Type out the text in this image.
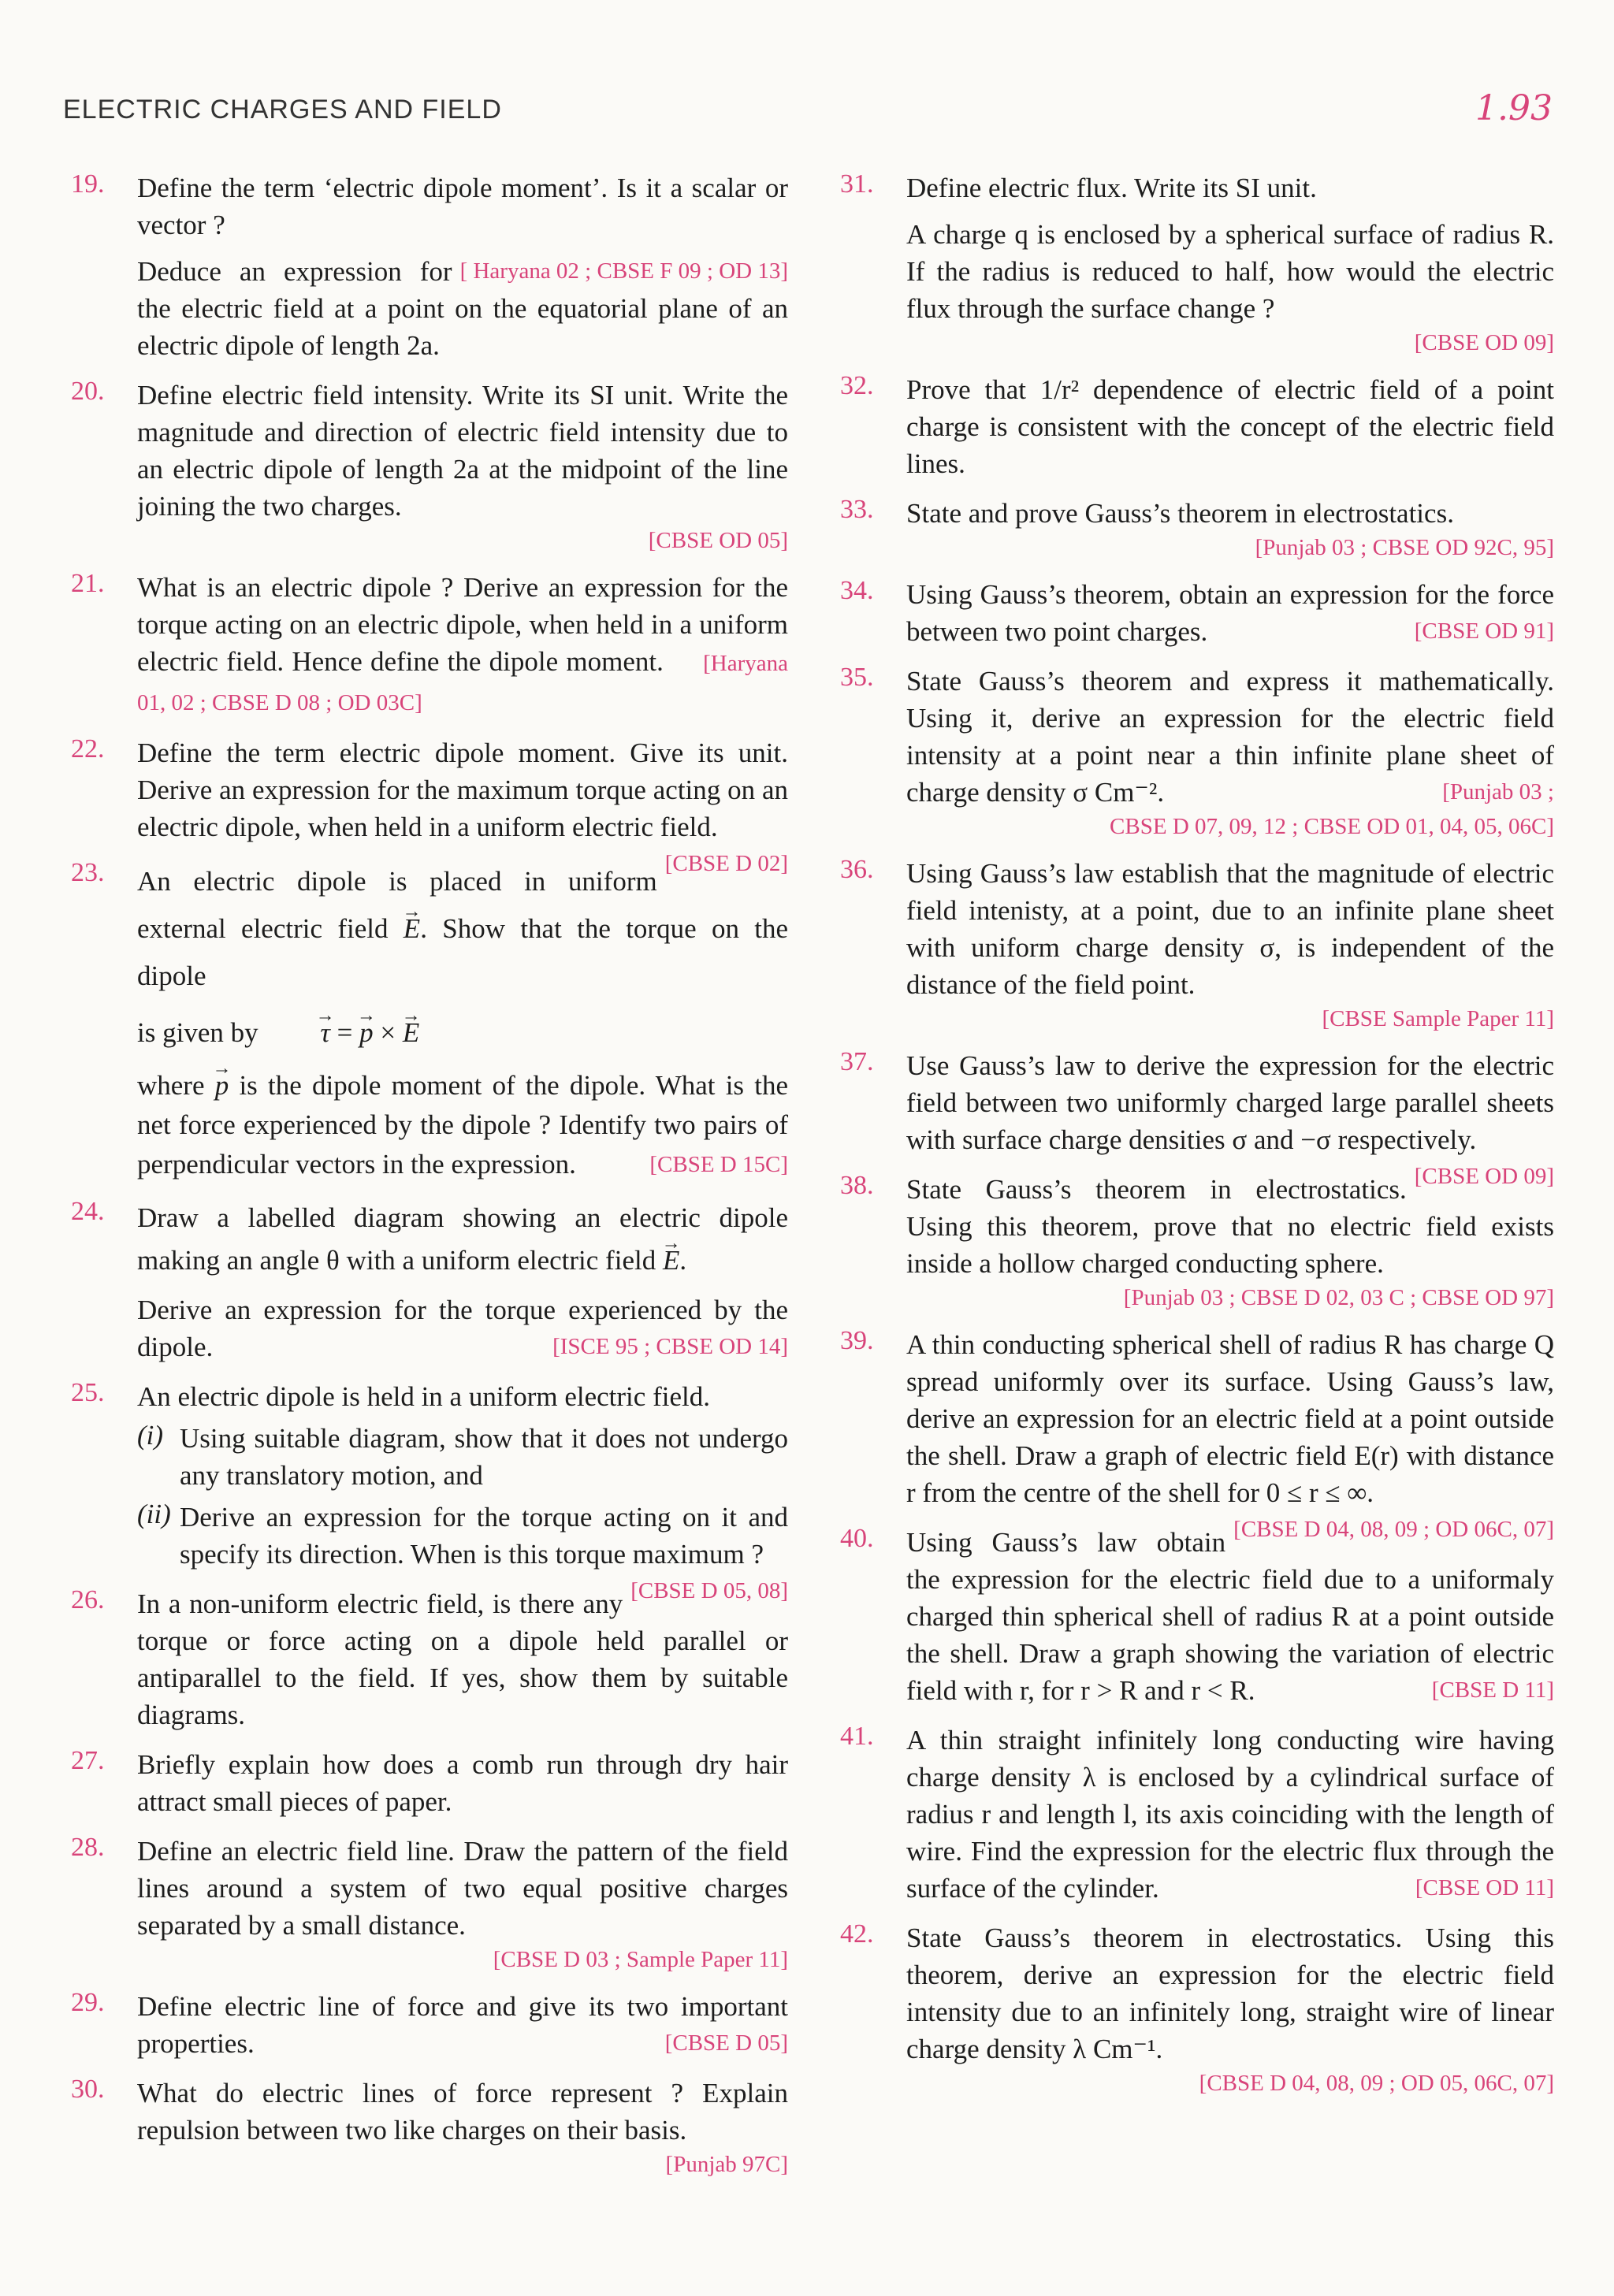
ELECTRIC CHARGES AND FIELD	1.93
19. Define the term ‘electric dipole moment’. Is it a scalar or vector ?
[ Haryana 02 ; CBSE F 09 ; OD 13]
Deduce an expression for the electric field at a point on the equatorial plane of an electric dipole of length 2a.
20. Define electric field intensity. Write its SI unit. Write the magnitude and direction of electric field intensity due to an electric dipole of length 2a at the midpoint of the line joining the two charges.
[CBSE OD 05]
21. What is an electric dipole ? Derive an expression for the torque acting on an electric dipole, when held in a uniform electric field. Hence define the dipole moment. [Haryana 01, 02 ; CBSE D 08 ; OD 03C]
22. Define the term electric dipole moment. Give its unit. Derive an expression for the maximum torque acting on an electric dipole, when held in a uniform electric field.
[CBSE D 02]
23. An electric dipole is placed in uniform external electric field → E. Show that the torque on the dipole
is given by → τ = → p × → E
where → p is the dipole moment of the dipole. What is the net force experienced by the dipole ? Identify two pairs of perpendicular vectors in the expression.	[CBSE D 15C]
24. Draw a labelled diagram showing an electric dipole making an angle θ with a uniform electric field → E.
Derive an expression for the torque experienced by the dipole.	[ISCE 95 ; CBSE OD 14]
25. An electric dipole is held in a uniform electric field.
(i) Using suitable diagram, show that it does not undergo any translatory motion, and
(ii) Derive an expression for the torque acting on it and specify its direction. When is this torque maximum ?
[CBSE D 05, 08]
26. In a non-uniform electric field, is there any torque or force acting on a dipole held parallel or antiparallel to the field. If yes, show them by suitable diagrams.
27. Briefly explain how does a comb run through dry hair attract small pieces of paper.
28. Define an electric field line. Draw the pattern of the field lines around a system of two equal positive charges separated by a small distance.
[CBSE D 03 ; Sample Paper 11]
29. Define electric line of force and give its two important properties.	[CBSE D 05]
30. What do electric lines of force represent ? Explain repulsion between two like charges on their basis.
[Punjab 97C]
31. Define electric flux. Write its SI unit.
A charge q is enclosed by a spherical surface of radius R. If the radius is reduced to half, how would the electric flux through the surface change ?
[CBSE OD 09]
32. Prove that 1/r² dependence of electric field of a point charge is consistent with the concept of the electric field lines.
33. State and prove Gauss’s theorem in electrostatics.
[Punjab 03 ; CBSE OD 92C, 95]
34. Using Gauss’s theorem, obtain an expression for the force between two point charges.	[CBSE OD 91]
35. State Gauss’s theorem and express it mathematically. Using it, derive an expression for the electric field intensity at a point near a thin infinite plane sheet of charge density σ Cm⁻².	[Punjab 03 ;
CBSE D 07, 09, 12 ; CBSE OD 01, 04, 05, 06C]
36. Using Gauss’s law establish that the magnitude of electric field intenisty, at a point, due to an infinite plane sheet with uniform charge density σ, is independent of the distance of the field point.
[CBSE Sample Paper 11]
37. Use Gauss’s law to derive the expression for the electric field between two uniformly charged large parallel sheets with surface charge densities σ and −σ respectively.
[CBSE OD 09]
38. State Gauss’s theorem in electrostatics. Using this theorem, prove that no electric field exists inside a hollow charged conducting sphere.
[Punjab 03 ; CBSE D 02, 03 C ; CBSE OD 97]
39. A thin conducting spherical shell of radius R has charge Q spread uniformly over its surface. Using Gauss’s law, derive an expression for an electric field at a point outside the shell. Draw a graph of electric field E(r) with distance r from the centre of the shell for 0 ≤ r ≤ ∞.
[CBSE D 04, 08, 09 ; OD 06C, 07]
40. Using Gauss’s law obtain the expression for the electric field due to a uniformaly charged thin spherical shell of radius R at a point outside the shell. Draw a graph showing the variation of electric field with r, for r > R and r < R.	[CBSE D 11]
41. A thin straight infinitely long conducting wire having charge density λ is enclosed by a cylindrical surface of radius r and length l, its axis coinciding with the length of wire. Find the expression for the electric flux through the surface of the cylinder.	[CBSE OD 11]
42. State Gauss’s theorem in electrostatics. Using this theorem, derive an expression for the electric field intensity due to an infinitely long, straight wire of linear charge density λ Cm⁻¹.
[CBSE D 04, 08, 09 ; OD 05, 06C, 07]
